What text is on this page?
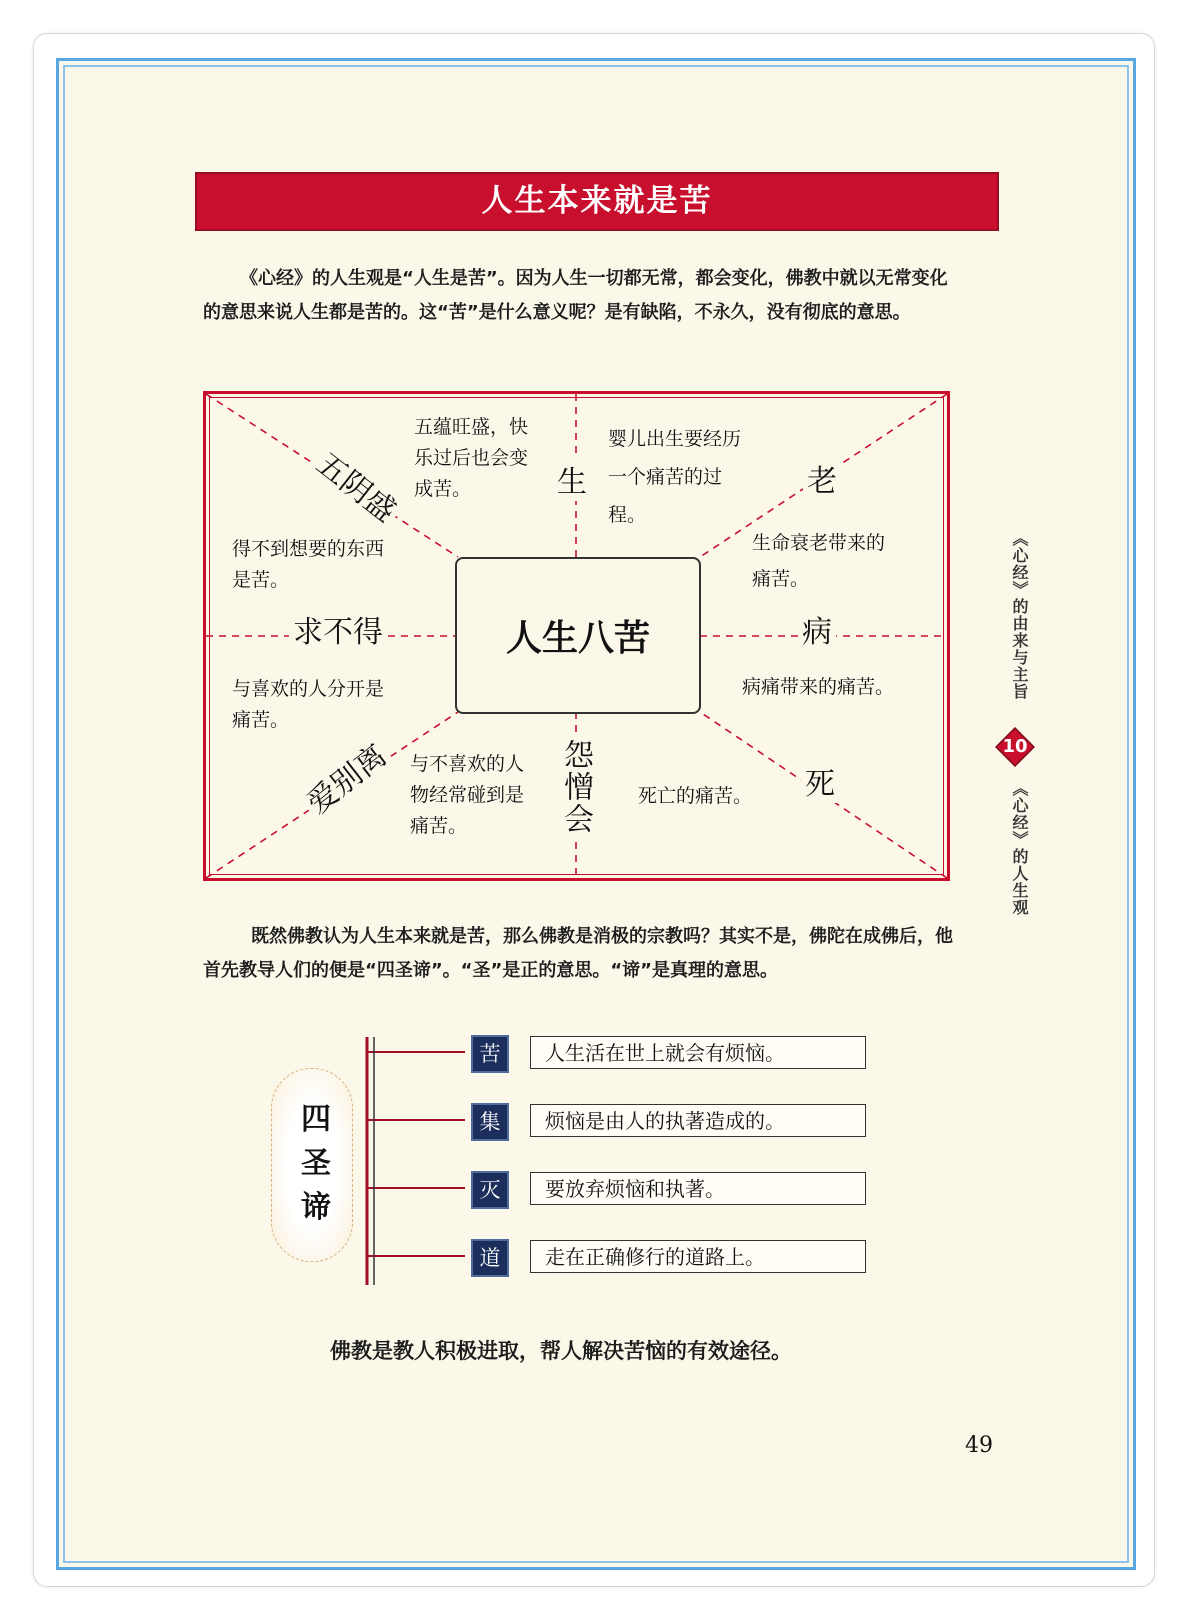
人生本来就是苦
《心经》的人生观是“人生是苦”。因为人生一切都无常，都会变化，佛教中就以无常变化的意思来说人生都是苦的。这“苦”是什么意义呢？是有缺陷，不永久，没有彻底的意思。
人生八苦
生	老
病
死
怨憎会
爱别离
求不得
五阴盛
五蕴旺盛，快乐过后也会变成苦。
婴儿出生要经历一个痛苦的过程。
生命衰老带来的痛苦。
得不到想要的东西是苦。
病痛带来的痛苦。
与喜欢的人分开是痛苦。
与不喜欢的人物经常碰到是痛苦。
死亡的痛苦。
《心经》的由来与主旨
10
《心经》的人生观
既然佛教认为人生本来就是苦，那么佛教是消极的宗教吗？其实不是，佛陀在成佛后，他首先教导人们的便是“四圣谛”。“圣”是正的意思。“谛”是真理的意思。
四圣谛
苦
集
灭
道
人生活在世上就会有烦恼。
烦恼是由人的执著造成的。
要放弃烦恼和执著。
走在正确修行的道路上。
佛教是教人积极进取，帮人解决苦恼的有效途径。
49
